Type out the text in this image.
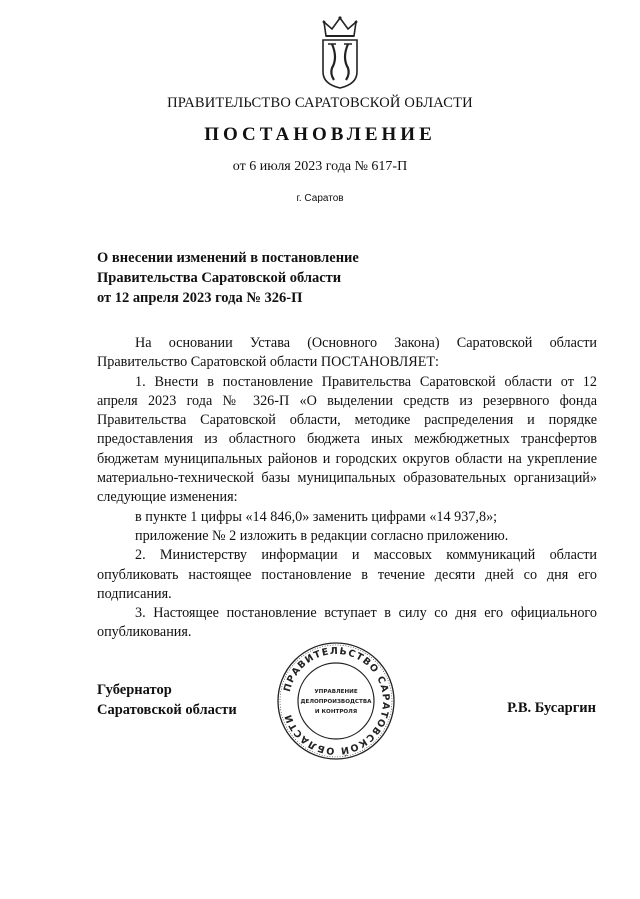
ПРАВИТЕЛЬСТВО САРАТОВСКОЙ ОБЛАСТИ
ПОСТАНОВЛЕНИЕ
от 6 июля 2023 года № 617-П
г. Саратов
О внесении изменений в постановление
Правительства Саратовской области
от 12 апреля 2023 года № 326-П

На основании Устава (Основного Закона) Саратовской области Правительство Саратовской области ПОСТАНОВЛЯЕТ:

1. Внести в постановление Правительства Саратовской области от 12 апреля 2023 года № 326-П «О выделении средств из резервного фонда Правительства Саратовской области, методике распределения и порядке предоставления из областного бюджета иных межбюджетных трансфертов бюджетам муниципальных районов и городских округов области на укрепление материально-технической базы муниципальных образовательных организаций» следующие изменения:

в пункте 1 цифры «14 846,0» заменить цифрами «14 937,8»;

приложение № 2 изложить в редакции согласно приложению.

2. Министерству информации и массовых коммуникаций области опубликовать настоящее постановление в течение десяти дней со дня его подписания.

3. Настоящее постановление вступает в силу со дня его официального опубликования.

Губернатор
Саратовской области
ПРАВИТЕЛЬСТВО САРАТОВСКОЙ ОБЛАСТИ
УПРАВЛЕНИЕ
ДЕЛОПРОИЗВОДСТВА
И КОНТРОЛЯ	Р.В. Бусаргин
